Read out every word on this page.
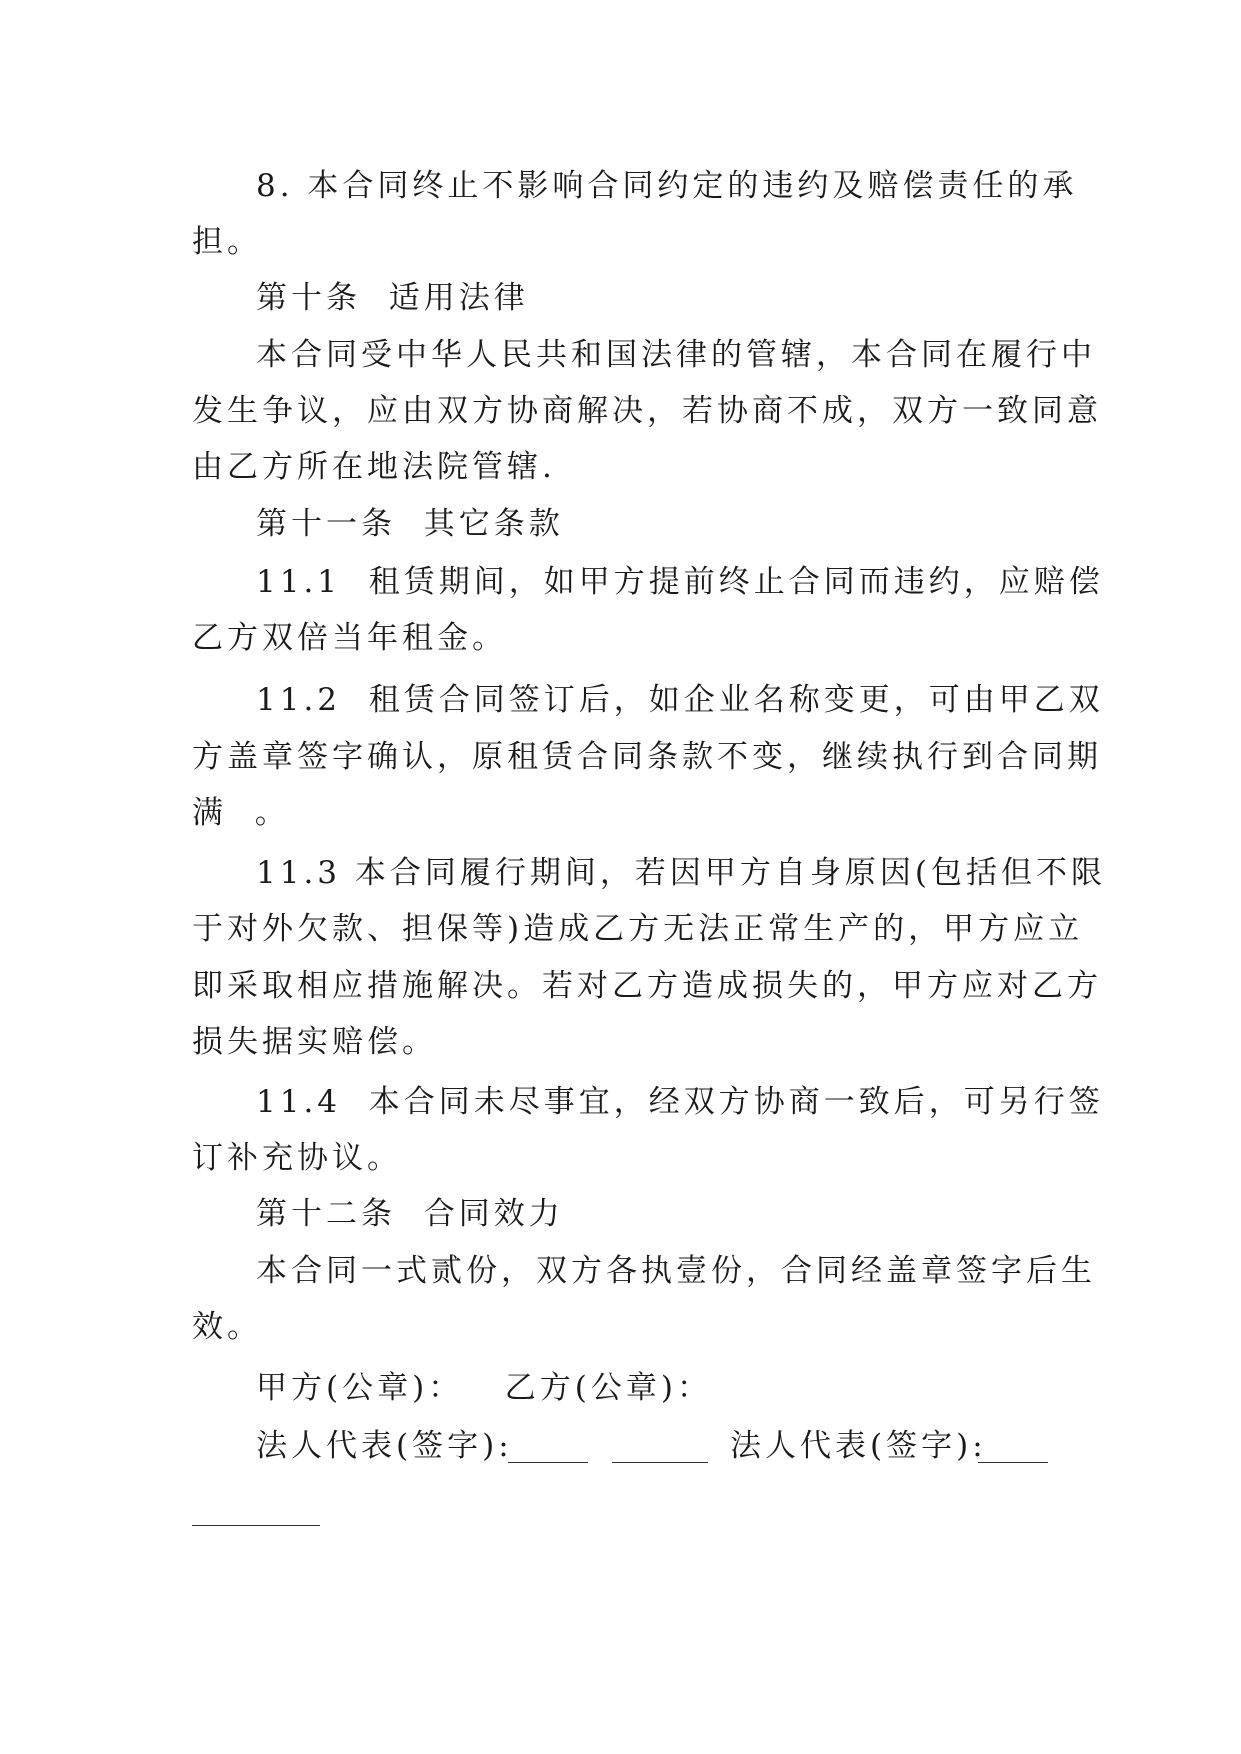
8. 本合同终止不影响合同约定的违约及赔偿责任的承

担。

第十条  适用法律

本合同受中华人民共和国法律的管辖，本合同在履行中

发生争议，应由双方协商解决，若协商不成，双方一致同意

由乙方所在地法院管辖.

第十一条  其它条款

11.1  租赁期间，如甲方提前终止合同而违约，应赔偿

乙方双倍当年租金。

11.2  租赁合同签订后，如企业名称变更，可由甲乙双

方盖章签字确认，原租赁合同条款不变，继续执行到合同期

满  。

11.3 本合同履行期间，若因甲方自身原因(包括但不限

于对外欠款、担保等)造成乙方无法正常生产的，甲方应立

即采取相应措施解决。若对乙方造成损失的，甲方应对乙方

损失据实赔偿。

11.4  本合同未尽事宜，经双方协商一致后，可另行签

订补充协议。

第十二条  合同效力

本合同一式贰份，双方各执壹份，合同经盖章签字后生

效。

甲方(公章)：   乙方(公章)：

法人代表(签字):	法人代表(签字):
